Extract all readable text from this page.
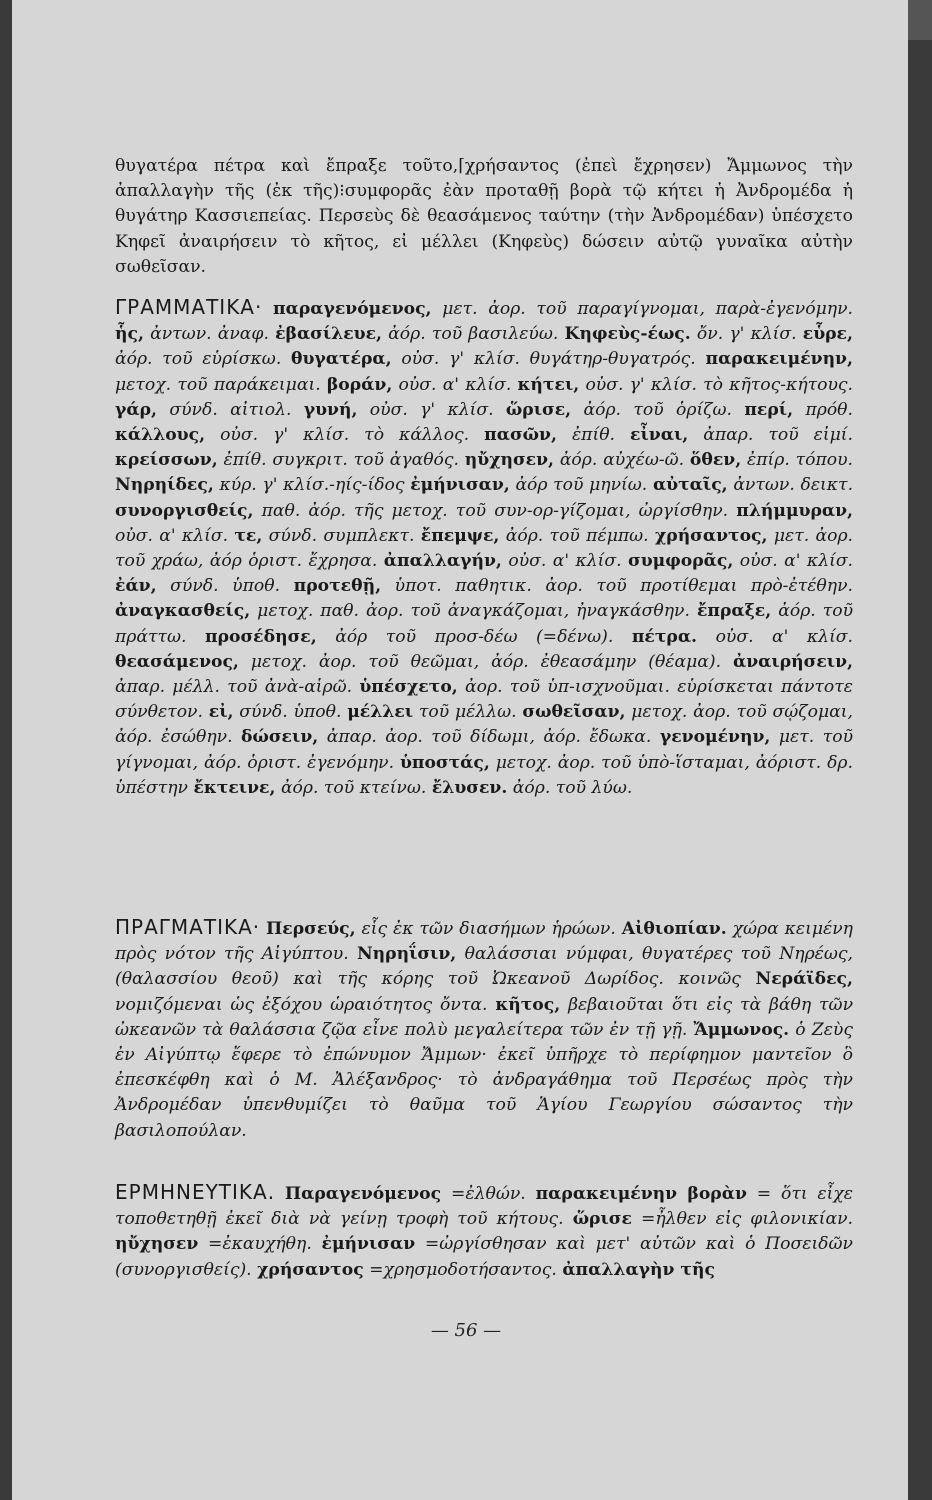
θυγατέρα πέτρα καὶ ἔπραξε τοῦτο,⌈χρήσαντος (ἐπεὶ ἔχρησεν) Ἄμμωνος τὴν ἀπαλλαγὴν τῆς (ἐκ τῆς)⁝συμφορᾶς ἐὰν προταθῇ βορὰ τῷ κήτει ἡ Ἀνδρομέδα ἡ θυγάτηρ Κασσιεπείας. Περσεὺς δὲ θεασάμενος ταύτην (τὴν Ἀνδρομέδαν) ὑπέσχετο Κηφεῖ ἀναιρήσειν τὸ κῆτος, εἰ μέλλει (Κηφεὺς) δώσειν αὐτῷ γυναῖκα αὐτὴν σωθεῖσαν.

ΓΡΑΜΜΑΤΙΚΑ· παραγενόμενος, μετ. ἀορ. τοῦ παραγίγνομαι, παρὰ-ἐγενόμην. ἧς, ἀντων. ἀναφ. ἐβασίλευε, ἀόρ. τοῦ βασιλεύω. Κηφεὺς-έως. ὄν. γ' κλίσ. εὗρε, ἀόρ. τοῦ εὑρίσκω. θυγατέρα, οὐσ. γ' κλίσ. θυγάτηρ-θυγατρός. παρακειμένην, μετοχ. τοῦ παράκειμαι. βοράν, οὐσ. α' κλίσ. κήτει, οὐσ. γ' κλίσ. τὸ κῆτος-κήτους. γάρ, σύνδ. αἰτιολ. γυνή, οὐσ. γ' κλίσ. ὥρισε, ἀόρ. τοῦ ὁρίζω. περί, πρόθ. κάλλους, οὐσ. γ' κλίσ. τὸ κάλλος. πασῶν, ἐπίθ. εἶναι, ἀπαρ. τοῦ εἰμί. κρείσσων, ἐπίθ. συγκριτ. τοῦ ἀγαθός. ηὔχησεν, ἀόρ. αὐχέω-ῶ. ὅθεν, ἐπίρ. τόπου. Νηρηίδες, κύρ. γ' κλίσ.-ηίς-ίδος ἐμήνισαν, ἀόρ τοῦ μηνίω. αὐταῖς, ἀντων. δεικτ. συνοργισθείς, παθ. ἀόρ. τῆς μετοχ. τοῦ συν-ορ-γίζομαι, ὠργίσθην. πλήμμυραν, οὐσ. α' κλίσ. τε, σύνδ. συμπλεκτ. ἔπεμψε, ἀόρ. τοῦ πέμπω. χρήσαντος, μετ. ἀορ. τοῦ χράω, ἀόρ ὁριστ. ἔχρησα. ἀπαλλαγήν, οὐσ. α' κλίσ. συμφορᾶς, οὐσ. α' κλίσ. ἐάν, σύνδ. ὑποθ. προτεθῇ, ὑποτ. παθητικ. ἀορ. τοῦ προτίθεμαι πρὸ-ἐτέθην. ἀναγκασθείς, μετοχ. παθ. ἀορ. τοῦ ἀναγκάζομαι, ἠναγκάσθην. ἔπραξε, ἀόρ. τοῦ πράττω. προσέδησε, ἀόρ τοῦ προσ-δέω (=δένω). πέτρα. οὐσ. α' κλίσ. θεασάμενος, μετοχ. ἀορ. τοῦ θεῶμαι, ἀόρ. ἐθεασάμην (θέαμα). ἀναιρήσειν, ἀπαρ. μέλλ. τοῦ ἀνὰ-αἱρῶ. ὑπέσχετο, ἀορ. τοῦ ὑπ-ισχνοῦμαι. εὑρίσκεται πάντοτε σύνθετον. εἰ, σύνδ. ὑποθ. μέλλει τοῦ μέλλω. σωθεῖσαν, μετοχ. ἀορ. τοῦ σῴζομαι, ἀόρ. ἐσώθην. δώσειν, ἀπαρ. ἀορ. τοῦ δίδωμι, ἀόρ. ἔδωκα. γενομένην, μετ. τοῦ γίγνομαι, ἀόρ. ὁριστ. ἐγενόμην. ὑποστάς, μετοχ. ἀορ. τοῦ ὑπὸ-ἵσταμαι, ἀόριστ. δρ. ὑπέστην ἔκτεινε, ἀόρ. τοῦ κτείνω. ἔλυσεν. ἀόρ. τοῦ λύω.

ΠΡΑΓΜΑΤΙΚΑ· Περσεύς, εἷς ἐκ τῶν διασήμων ἡρώων. Αἰθιοπίαν. χώρα κειμένη πρὸς νότον τῆς Αἰγύπτου. Νηρηΐσιν, θαλάσσιαι νύμφαι, θυγατέρες τοῦ Νηρέως, (θαλασσίου θεοῦ) καὶ τῆς κόρης τοῦ Ὠκεανοῦ Δωρίδος. κοινῶς Νεράϊδες, νομιζόμεναι ὡς ἐξόχου ὡραιότητος ὄντα. κῆτος, βεβαιοῦται ὅτι εἰς τὰ βάθη τῶν ὠκεανῶν τὰ θαλάσσια ζῷα εἶνε πολὺ μεγαλείτερα τῶν ἐν τῇ γῇ. Ἄμμωνος. ὁ Ζεὺς ἐν Αἰγύπτῳ ἔφερε τὸ ἐπώνυμον Ἄμμων· ἐκεῖ ὑπῆρχε τὸ περίφημον μαντεῖον ὃ ἐπεσκέφθη καὶ ὁ Μ. Ἀλέξανδρος· τὸ ἀνδραγάθημα τοῦ Περσέως πρὸς τὴν Ἀνδρομέδαν ὑπενθυμίζει τὸ θαῦμα τοῦ Ἁγίου Γεωργίου σώσαντος τὴν βασιλοπούλαν.

ΕΡΜΗΝΕΥΤΙΚΑ. Παραγενόμενος =ἐλθών. παρακειμένην βορὰν = ὅτι εἶχε τοποθετηθῇ ἐκεῖ διὰ νὰ γείνῃ τροφὴ τοῦ κήτους. ὥρισε =ἦλθεν εἰς φιλονικίαν. ηὔχησεν =ἐκαυχήθη. ἐμήνισαν =ὠργίσθησαν καὶ μετ' αὐτῶν καὶ ὁ Ποσειδῶν (συνοργισθείς). χρήσαντος =χρησμοδοτήσαντος. ἀπαλλαγὴν τῆς

— 56 —
